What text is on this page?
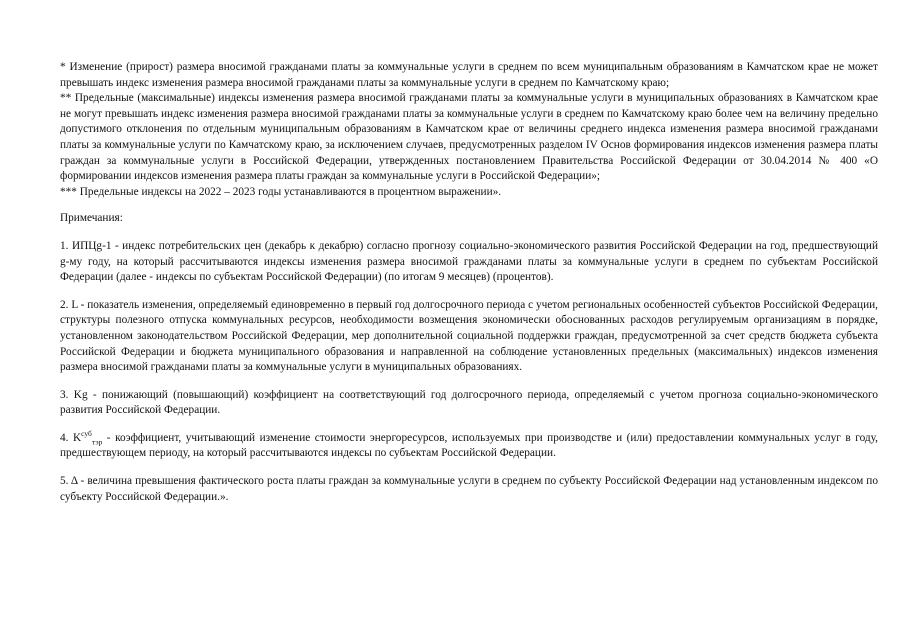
* Изменение (прирост) размера вносимой гражданами платы за коммунальные услуги в среднем по всем муниципальным образованиям в Камчатском крае не может превышать индекс изменения размера вносимой гражданами платы за коммунальные услуги в среднем по Камчатскому краю;

** Предельные (максимальные) индексы изменения размера вносимой гражданами платы за коммунальные услуги в муниципальных образованиях в Камчатском крае не могут превышать индекс изменения размера вносимой гражданами платы за коммунальные услуги в среднем по Камчатскому краю более чем на величину предельно допустимого отклонения по отдельным муниципальным образованиям в Камчатском крае от величины среднего индекса изменения размера вносимой гражданами платы за коммунальные услуги по Камчатскому краю, за исключением случаев, предусмотренных разделом IV Основ формирования индексов изменения размера платы граждан за коммунальные услуги в Российской Федерации, утвержденных постановлением Правительства Российской Федерации от 30.04.2014 № 400 «О формировании индексов изменения размера платы граждан за коммунальные услуги в Российской Федерации»;

*** Предельные индексы на 2022 – 2023 годы устанавливаются в процентном выражении».

Примечания:

1. ИПЦg-1 - индекс потребительских цен (декабрь к декабрю) согласно прогнозу социально-экономического развития Российской Федерации на год, предшествующий g-му году, на который рассчитываются индексы изменения размера вносимой гражданами платы за коммунальные услуги в среднем по субъектам Российской Федерации (далее - индексы по субъектам Российской Федерации) (по итогам 9 месяцев) (процентов).

2. L - показатель изменения, определяемый единовременно в первый год долгосрочного периода с учетом региональных особенностей субъектов Российской Федерации, структуры полезного отпуска коммунальных ресурсов, необходимости возмещения экономически обоснованных расходов регулируемым организациям в порядке, установленном законодательством Российской Федерации, мер дополнительной социальной поддержки граждан, предусмотренной за счет средств бюджета субъекта Российской Федерации и бюджета муниципального образования и направленной на соблюдение установленных предельных (максимальных) индексов изменения размера вносимой гражданами платы за коммунальные услуги в муниципальных образованиях.

3. Kg - понижающий (повышающий) коэффициент на соответствующий год долгосрочного периода, определяемый с учетом прогноза социально-экономического развития Российской Федерации.

4. $K^{суб}_{тэр}$ - коэффициент, учитывающий изменение стоимости энергоресурсов, используемых при производстве и (или) предоставлении коммунальных услуг в году, предшествующем периоду, на который рассчитываются индексы по субъектам Российской Федерации.

5. Δ - величина превышения фактического роста платы граждан за коммунальные услуги в среднем по субъекту Российской Федерации над установленным индексом по субъекту Российской Федерации.».
